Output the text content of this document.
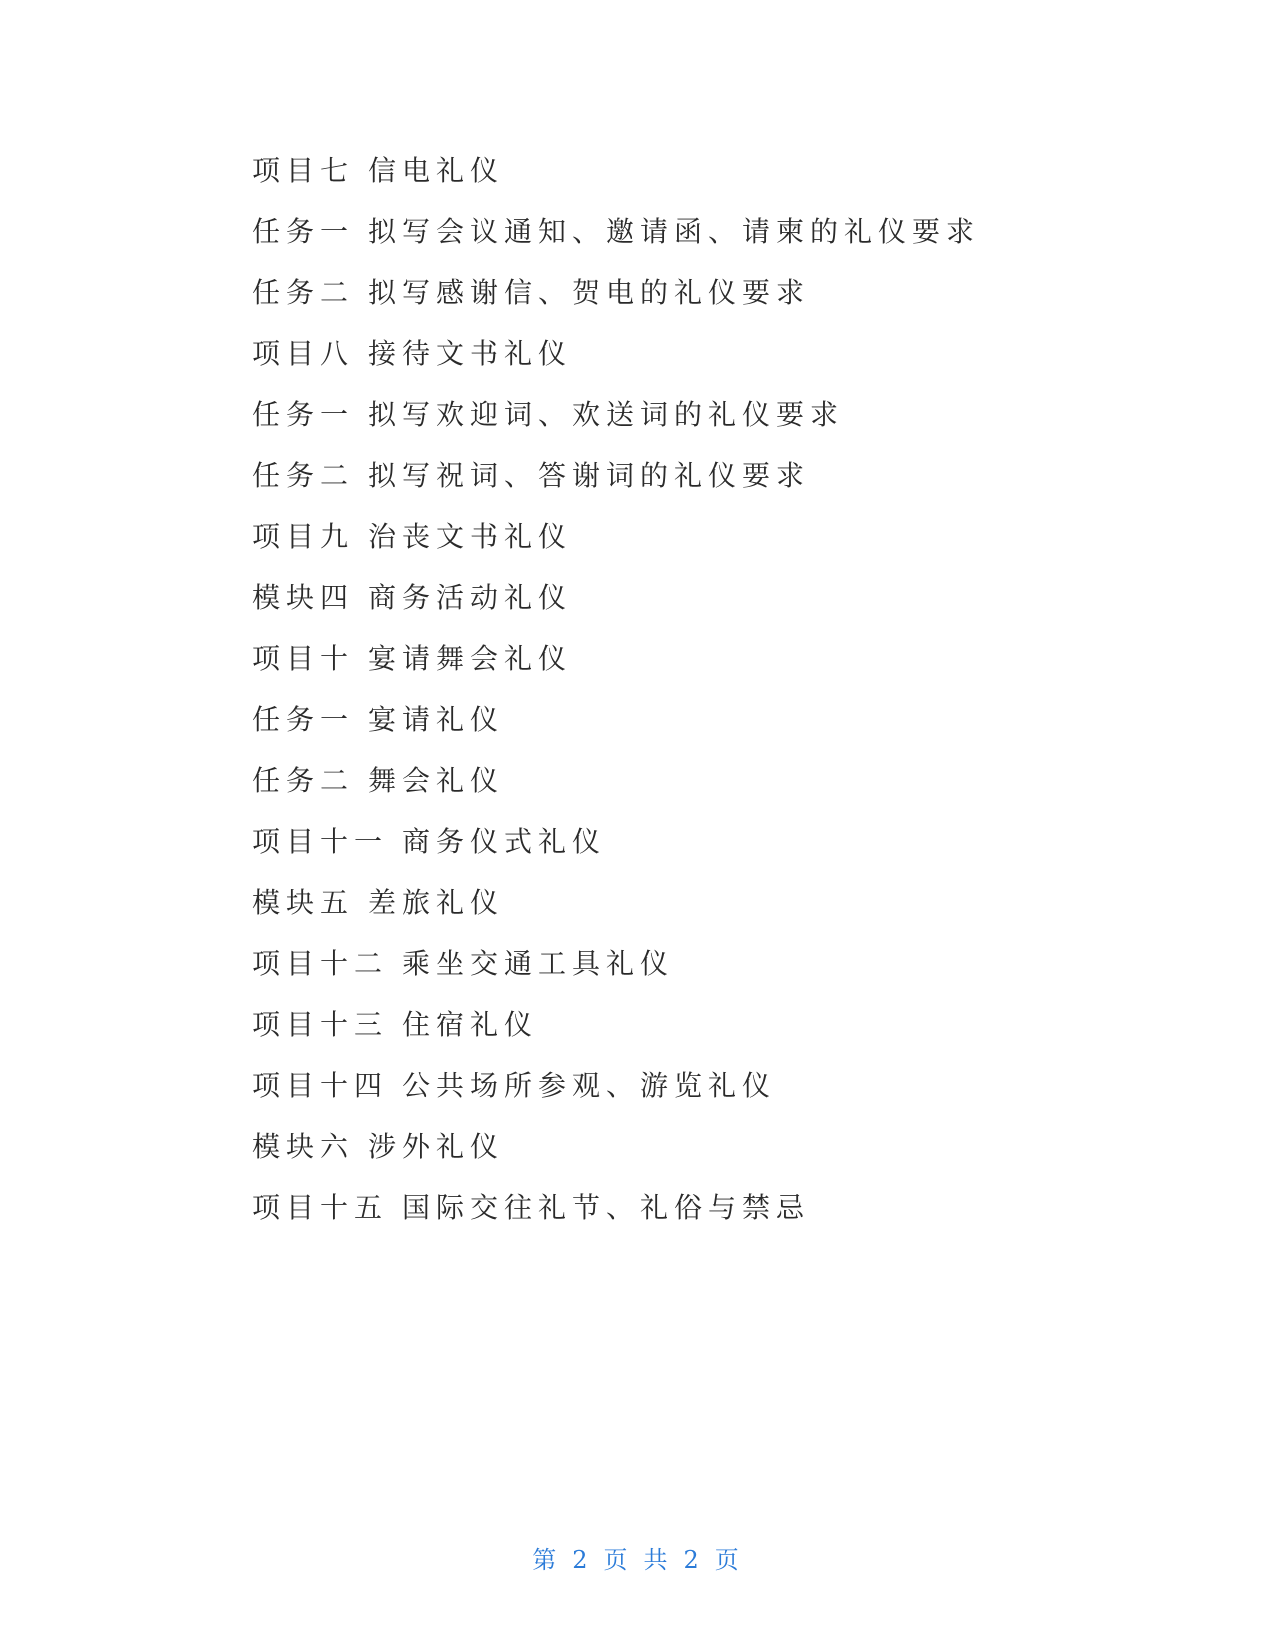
项目七 信电礼仪
任务一 拟写会议通知、邀请函、请柬的礼仪要求
任务二 拟写感谢信、贺电的礼仪要求
项目八 接待文书礼仪
任务一 拟写欢迎词、欢送词的礼仪要求
任务二 拟写祝词、答谢词的礼仪要求
项目九 治丧文书礼仪
模块四 商务活动礼仪
项目十 宴请舞会礼仪
任务一 宴请礼仪
任务二 舞会礼仪
项目十一 商务仪式礼仪
模块五 差旅礼仪
项目十二 乘坐交通工具礼仪
项目十三 住宿礼仪
项目十四 公共场所参观、游览礼仪
模块六 涉外礼仪
项目十五 国际交往礼节、礼俗与禁忌
第 2 页 共 2 页
